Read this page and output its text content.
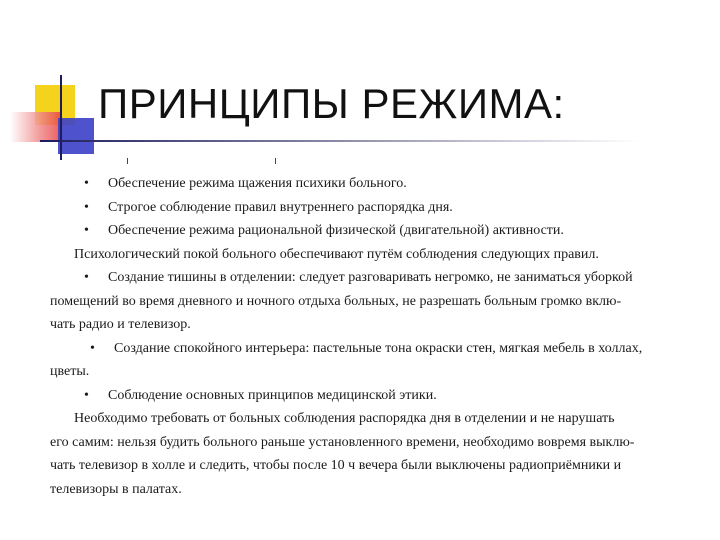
ПРИНЦИПЫ РЕЖИМА:
• Обеспечение режима щажения психики больного.
• Строгое соблюдение правил внутреннего распорядка дня.
• Обеспечение режима рациональной физической (двигательной) активности.
Психологический покой больного обеспечивают путём соблюдения следующих правил.
• Создание тишины в отделении: следует разговаривать негромко, не заниматься уборкой
помещений во время дневного и ночного отдыха больных, не разрешать больным громко вклю-
чать радио и телевизор.
• Создание спокойного интерьера: пастельные тона окраски стен, мягкая мебель в холлах,
цветы.
• Соблюдение основных принципов медицинской этики.
Необходимо требовать от больных соблюдения распорядка дня в отделении и не нарушать
его самим: нельзя будить больного раньше установленного времени, необходимо вовремя выклю-
чать телевизор в холле и следить, чтобы после 10 ч вечера были выключены радиоприёмники и
телевизоры в палатах.
